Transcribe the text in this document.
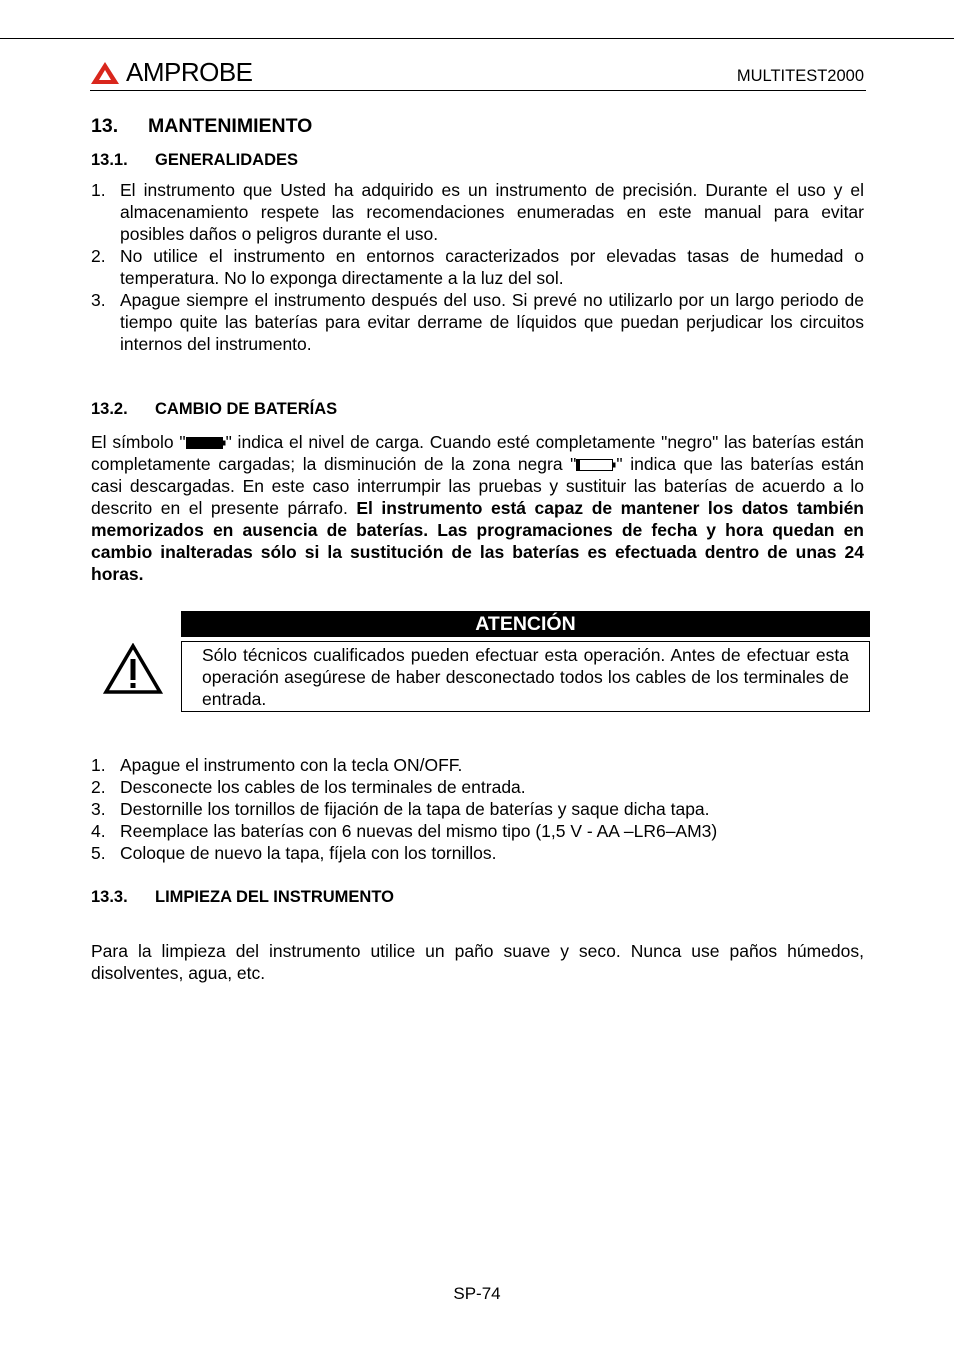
AMPROBE	MULTITEST2000
13. MANTENIMIENTO
13.1. GENERALIDADES
1. El instrumento que Usted ha adquirido es un instrumento de precisión. Durante el uso y el almacenamiento respete las recomendaciones enumeradas en este manual para evitar posibles daños o peligros durante el uso.
2. No utilice el instrumento en entornos caracterizados por elevadas tasas de humedad o temperatura. No lo exponga directamente a la luz del sol.
3. Apague siempre el instrumento después del uso. Si prevé no utilizarlo por un largo periodo de tiempo quite las baterías para evitar derrame de líquidos que puedan perjudicar los circuitos internos del instrumento.
13.2. CAMBIO DE BATERÍAS

El símbolo " " indica el nivel de carga. Cuando esté completamente "negro" las baterías están completamente cargadas; la disminución de la zona negra " " indica que las baterías están casi descargadas. En este caso interrumpir las pruebas y sustituir las baterías de acuerdo a lo descrito en el presente párrafo. El instrumento está capaz de mantener los datos también memorizados en ausencia de baterías. Las programaciones de fecha y hora quedan en cambio inalteradas sólo si la sustitución de las baterías es efectuada dentro de unas 24 horas.

ATENCIÓN
Sólo técnicos cualificados pueden efectuar esta operación. Antes de efectuar esta operación asegúrese de haber desconectado todos los cables de los terminales de entrada.
1. Apague el instrumento con la tecla ON/OFF.
2. Desconecte los cables de los terminales de entrada.
3. Destornille los tornillos de fijación de la tapa de baterías y saque dicha tapa.
4. Reemplace las baterías con 6 nuevas del mismo tipo (1,5 V - AA –LR6–AM3)
5. Coloque de nuevo la tapa, fíjela con los tornillos.
13.3. LIMPIEZA DEL INSTRUMENTO

Para la limpieza del instrumento utilice un paño suave y seco. Nunca use paños húmedos, disolventes, agua, etc.

SP-74
